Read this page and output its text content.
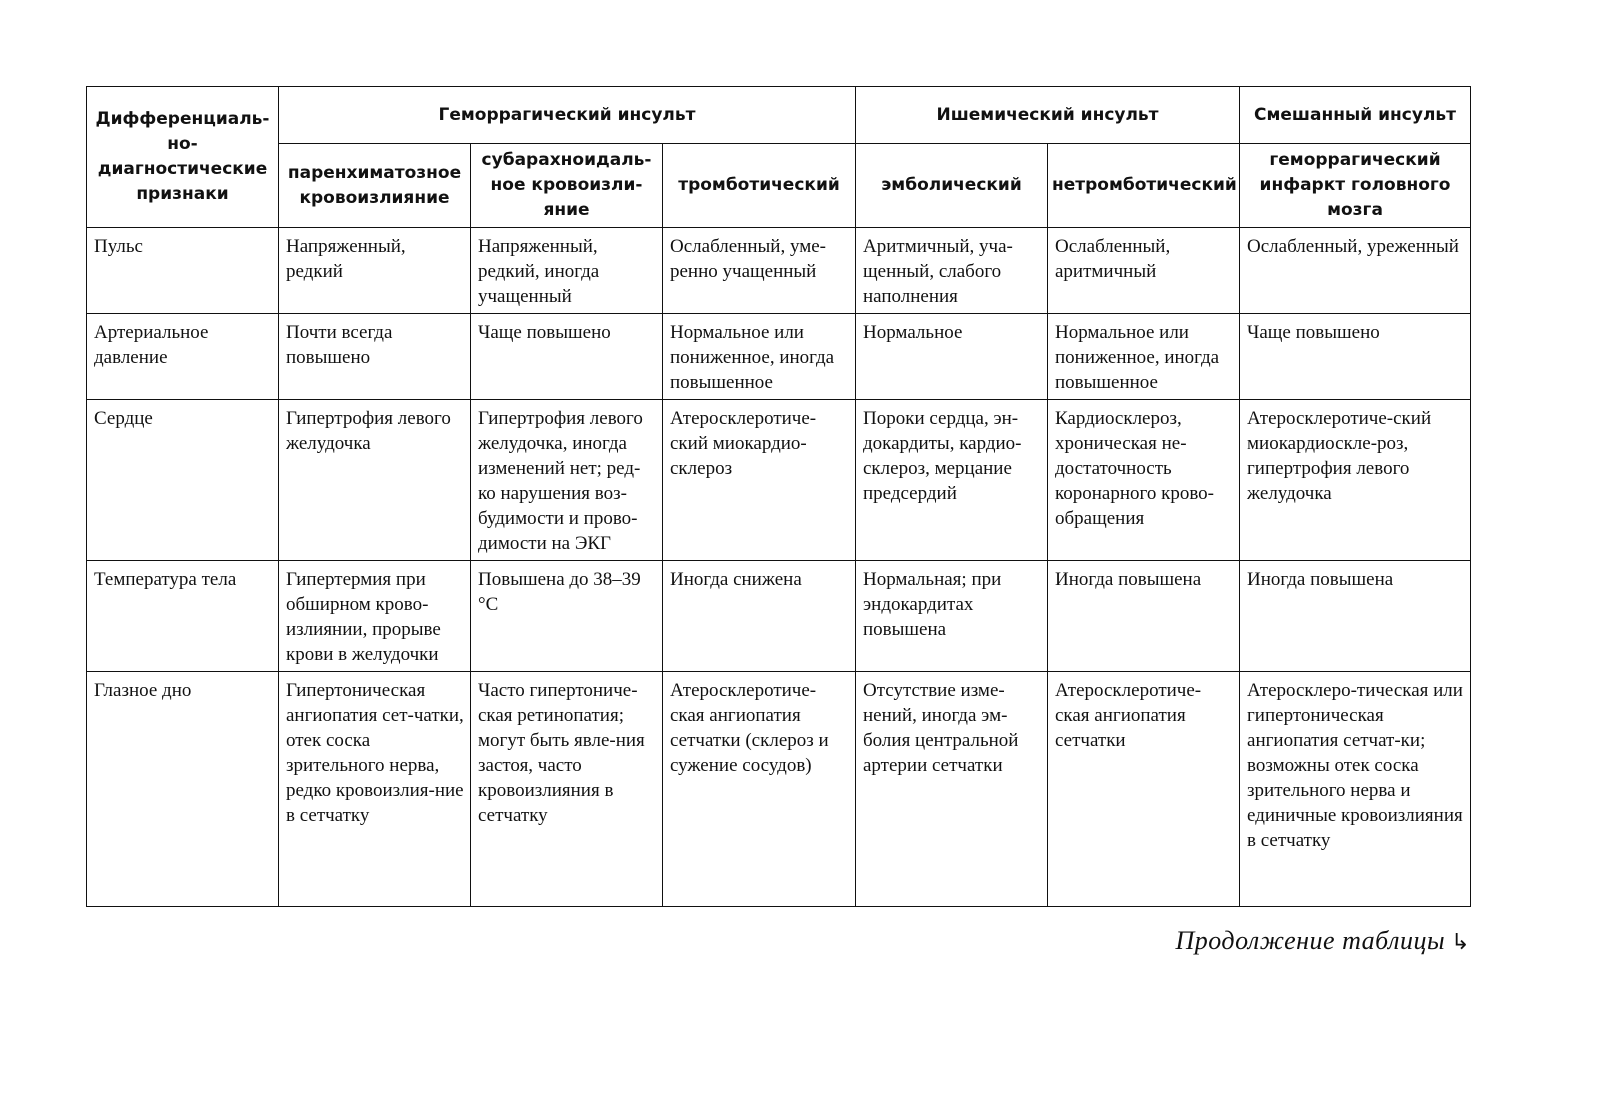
Дифференциаль-но-диагностические признаки	Геморрагический инсульт			Ишемический инсульт		Смешанный инсульт
	паренхиматозное кровоизлияние	субарахноидаль-ное кровоизли-яние	тромботический	эмболический	нетромботический	геморрагический инфаркт головного мозга
Пульс	Напряженный, редкий	Напряженный, редкий, иногда учащенный	Ослабленный, уме-ренно учащенный	Аритмичный, уча-щенный, слабого наполнения	Ослабленный, аритмичный	Ослабленный, уреженный
Артериальное давление	Почти всегда повышено	Чаще повышено	Нормальное или пониженное, иногда повышенное	Нормальное	Нормальное или пониженное, иногда повышенное	Чаще повышено
Сердце	Гипертрофия левого желудочка	Гипертрофия левого желудочка, иногда изменений нет; ред-ко нарушения воз-будимости и прово-димости на ЭКГ	Атеросклеротиче-ский миокардио-склероз	Пороки сердца, эн-докардиты, кардио-склероз, мерцание предсердий	Кардиосклероз, хроническая не-достаточность коронарного крово-обращения	Атеросклеротиче-ский миокардиоскле-роз, гипертрофия левого желудочка
Температура тела	Гипертермия при обширном крово-излиянии, прорыве крови в желудочки	Повышена до 38–39 °С	Иногда снижена	Нормальная; при эндокардитах повышена	Иногда повышена	Иногда повышена
Глазное дно	Гипертоническая ангиопатия сет-чатки, отек соска зрительного нерва, редко кровоизлия-ние в сетчатку	Часто гипертониче-ская ретинопатия; могут быть явле-ния застоя, часто кровоизлияния в сетчатку	Атеросклеротиче-ская ангиопатия сетчатки (склероз и сужение сосудов)	Отсутствие изме-нений, иногда эм-болия центральной артерии сетчатки	Атеросклеротиче-ская ангиопатия сетчатки	Атеросклеро-тическая или гипертоническая ангиопатия сетчат-ки; возможны отек соска зрительного нерва и единичные кровоизлияния в сетчатку
Продолжение таблицы ↳
